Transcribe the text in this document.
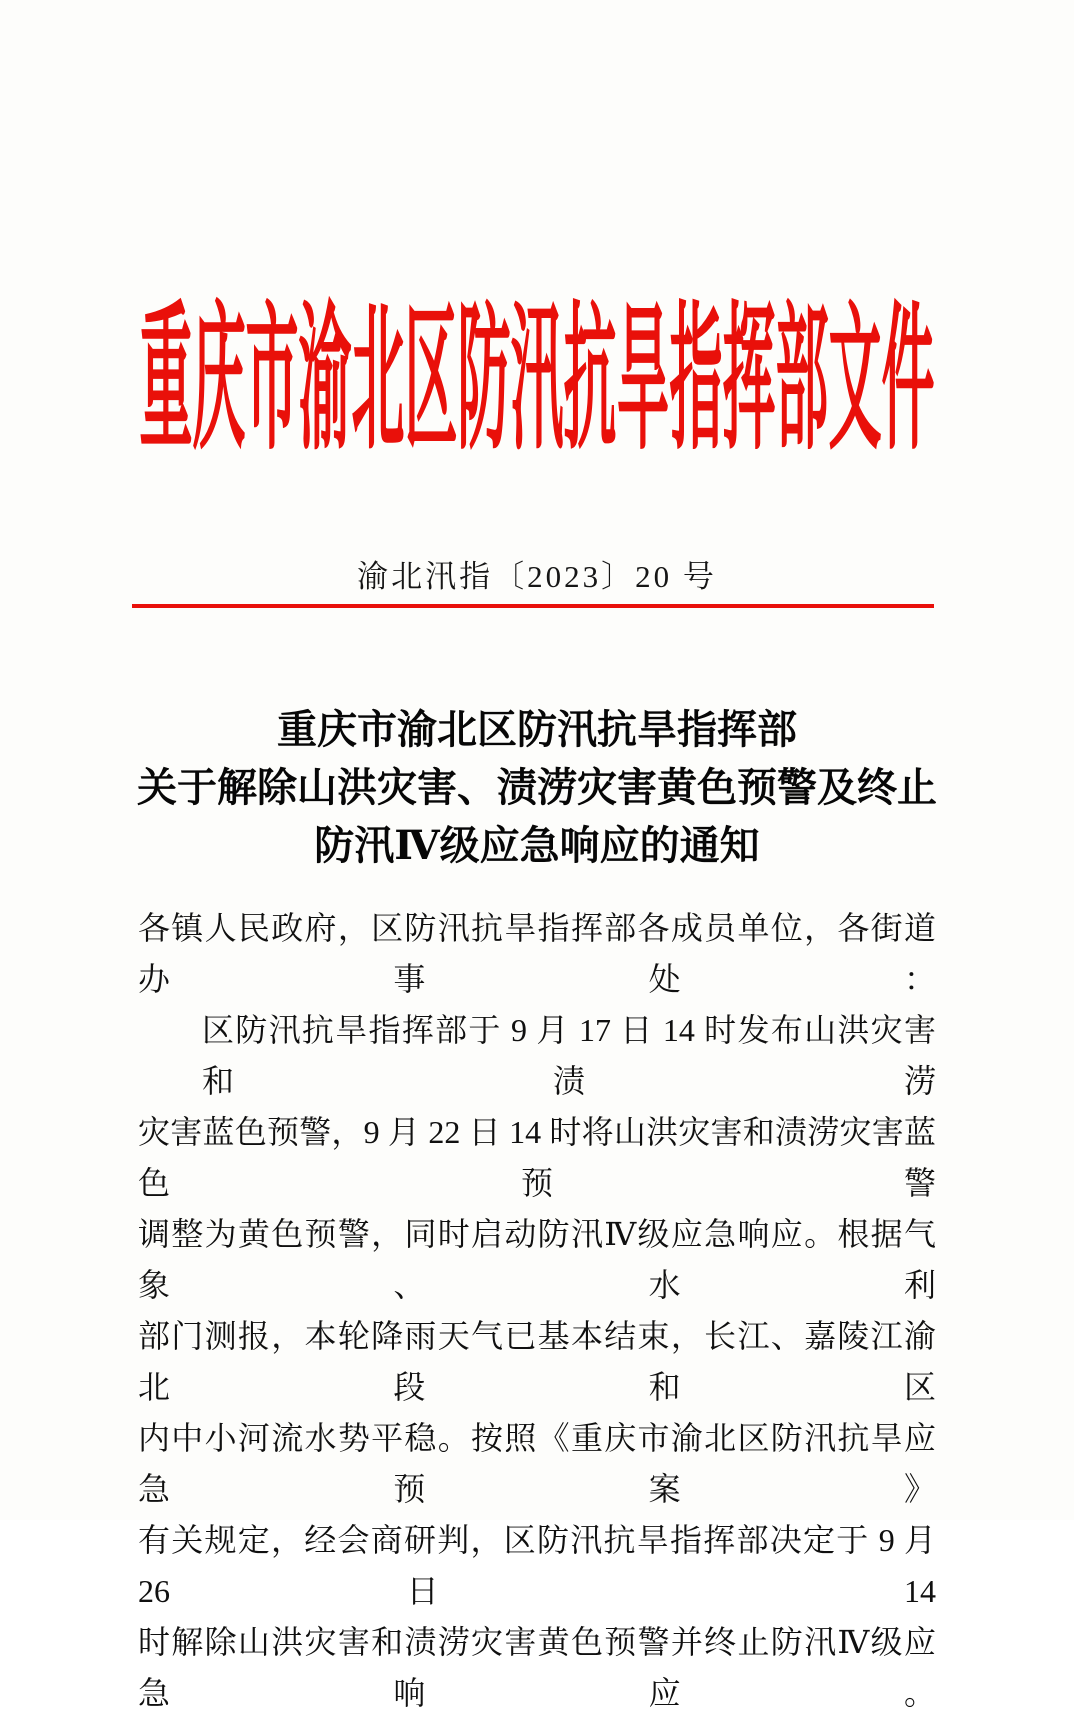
重庆市渝北区防汛抗旱指挥部文件
渝北汛指〔2023〕20 号
重庆市渝北区防汛抗旱指挥部
关于解除山洪灾害、渍涝灾害黄色预警及终止
防汛Ⅳ级应急响应的通知
各镇人民政府，区防汛抗旱指挥部各成员单位，各街道办事处：
区防汛抗旱指挥部于 9 月 17 日 14 时发布山洪灾害和渍涝
灾害蓝色预警，9 月 22 日 14 时将山洪灾害和渍涝灾害蓝色预警
调整为黄色预警，同时启动防汛Ⅳ级应急响应。根据气象、水利
部门测报，本轮降雨天气已基本结束，长江、嘉陵江渝北段和区
内中小河流水势平稳。按照《重庆市渝北区防汛抗旱应急预案》
有关规定，经会商研判，区防汛抗旱指挥部决定于 9 月 26 日 14
时解除山洪灾害和渍涝灾害黄色预警并终止防汛Ⅳ级应急响应。
